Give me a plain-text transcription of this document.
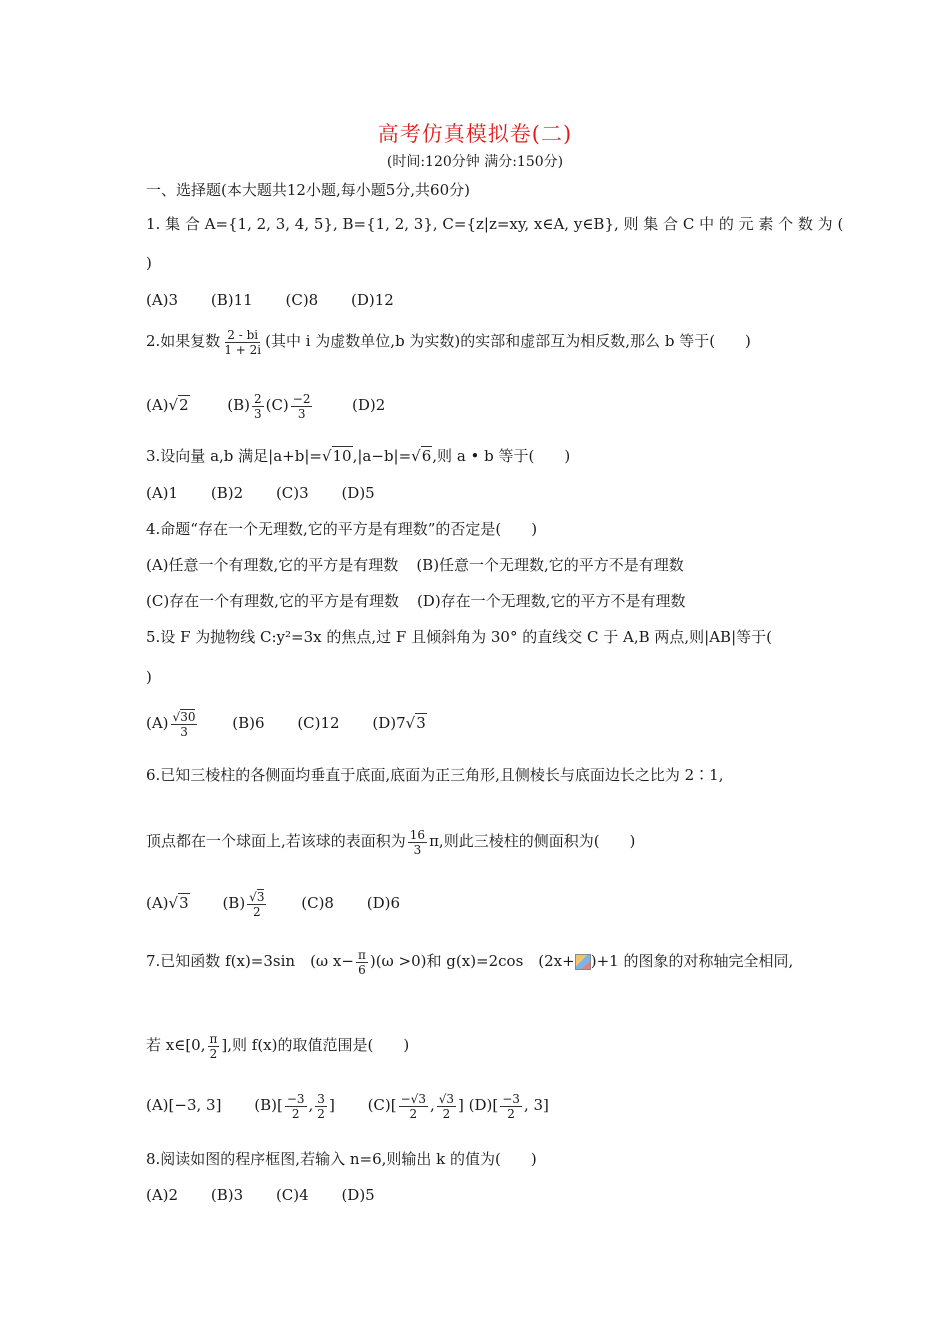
高考仿真模拟卷(二)
(时间:120分钟 满分:150分)
一、选择题(本大题共12小题,每小题5分,共60分)
1. 集 合 A={1, 2, 3, 4, 5}, B={1, 2, 3}, C={z|z=xy, x∈A, y∈B}, 则 集 合 C 中 的 元 素 个 数 为 (
)
(A)3 (B)11 (C)8 (D)12
2.如果复数 $\frac{2 - bi}{1 + 2i}$ (其中 i 为虚数单位,b 为实数)的实部和虚部互为相反数,那么 b 等于(　　)
(A)√2	$(B) \frac{2}{3} (C) \frac{-2}{3}$	(D)2
3.设向量 a,b 满足|a+b|=√10,|a−b|=√6,则 a • b 等于(　　)
(A)1 (B)2 (C)3 (D)5
4.命题“存在一个无理数,它的平方是有理数”的否定是(　　)
(A)任意一个有理数,它的平方是有理数 (B)任意一个无理数,它的平方不是有理数
(C)存在一个有理数,它的平方是有理数 (D)存在一个无理数,它的平方不是有理数
5.设 F 为抛物线 C:y²=3x 的焦点,过 F 且倾斜角为 30° 的直线交 C 于 A,B 两点,则|AB|等于(
)
$(A) \frac{√30}{3} (B)6$ (C)12 (D)7√3
6.已知三棱柱的各侧面均垂直于底面,底面为正三角形,且侧棱长与底面边长之比为 2∶1,
顶点都在一个球面上,若该球的表面积为 $\frac{16}{3} \pi$,则此三棱柱的侧面积为(　　)
(A)√3 $(B) \frac{√3}{2} (C)8$ (D)6
7.已知函数 f(x)=3sin　(ω $x- \frac{\pi}{6} )(\omega >0)$和 g(x)=2cos　(2x+ )+1 的图象的对称轴完全相同,
若 x∈[0, $\frac{\pi}{2}$ ],则 f(x)的取值范围是(　　)
(A)[−3, 3] $(B)[ \frac{-3}{2}$ , $\frac{3}{2}$ ] $(C)[ \frac{-√3}{2}$ , $\frac{√3}{2}$ ] $(D)[ \frac{-3}{2}$ , 3]
8.阅读如图的程序框图,若输入 n=6,则输出 k 的值为(　　)
(A)2 (B)3 (C)4 (D)5
